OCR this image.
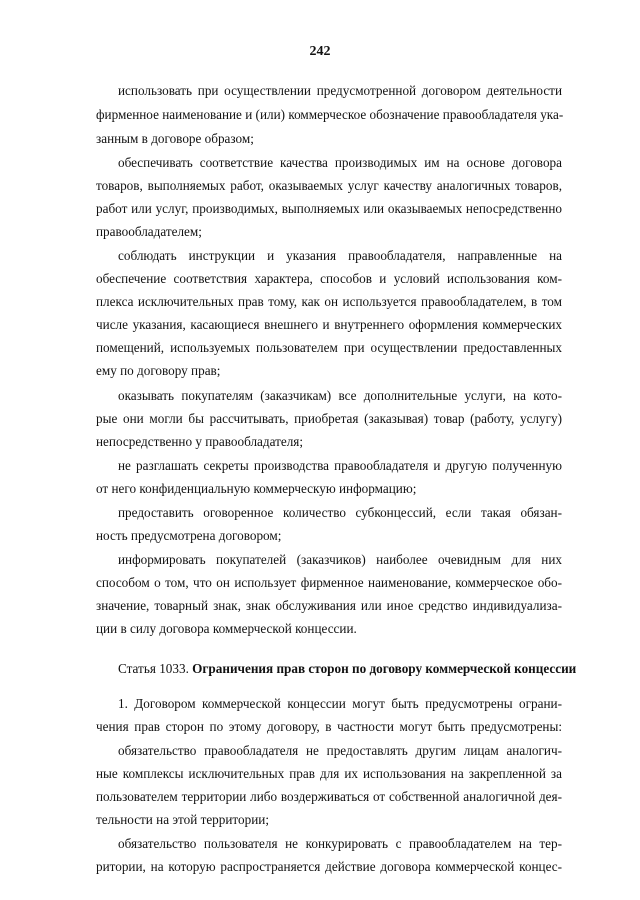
242
использовать при осуществлении предусмотренной договором деятельности
фирменное наименование и (или) коммерческое обозначение правообладателя ука-
занным в договоре образом;
обеспечивать соответствие качества производимых им на основе договора
товаров, выполняемых работ, оказываемых услуг качеству аналогичных товаров,
работ или услуг, производимых, выполняемых или оказываемых непосредственно
правообладателем;
соблюдать инструкции и указания правообладателя, направленные на
обеспечение соответствия характера, способов и условий использования ком-
плекса исключительных прав тому, как он используется правообладателем, в том
числе указания, касающиеся внешнего и внутреннего оформления коммерческих
помещений, используемых пользователем при осуществлении предоставленных
ему по договору прав;
оказывать покупателям (заказчикам) все дополнительные услуги, на кото-
рые они могли бы рассчитывать, приобретая (заказывая) товар (работу, услугу)
непосредственно у правообладателя;
не разглашать секреты производства правообладателя и другую полученную
от него конфиденциальную коммерческую информацию;
предоставить оговоренное количество субконцессий, если такая обязан-
ность предусмотрена договором;
информировать покупателей (заказчиков) наиболее очевидным для них
способом о том, что он использует фирменное наименование, коммерческое обо-
значение, товарный знак, знак обслуживания или иное средство индивидуализа-
ции в силу договора коммерческой концессии.
Статья 1033. Ограничения прав сторон по договору коммерческой концессии
1. Договором коммерческой концессии могут быть предусмотрены ограни-
чения прав сторон по этому договору, в частности могут быть предусмотрены:
обязательство правообладателя не предоставлять другим лицам аналогич-
ные комплексы исключительных прав для их использования на закрепленной за
пользователем территории либо воздерживаться от собственной аналогичной дея-
тельности на этой территории;
обязательство пользователя не конкурировать с правообладателем на тер-
ритории, на которую распространяется действие договора коммерческой концес-
